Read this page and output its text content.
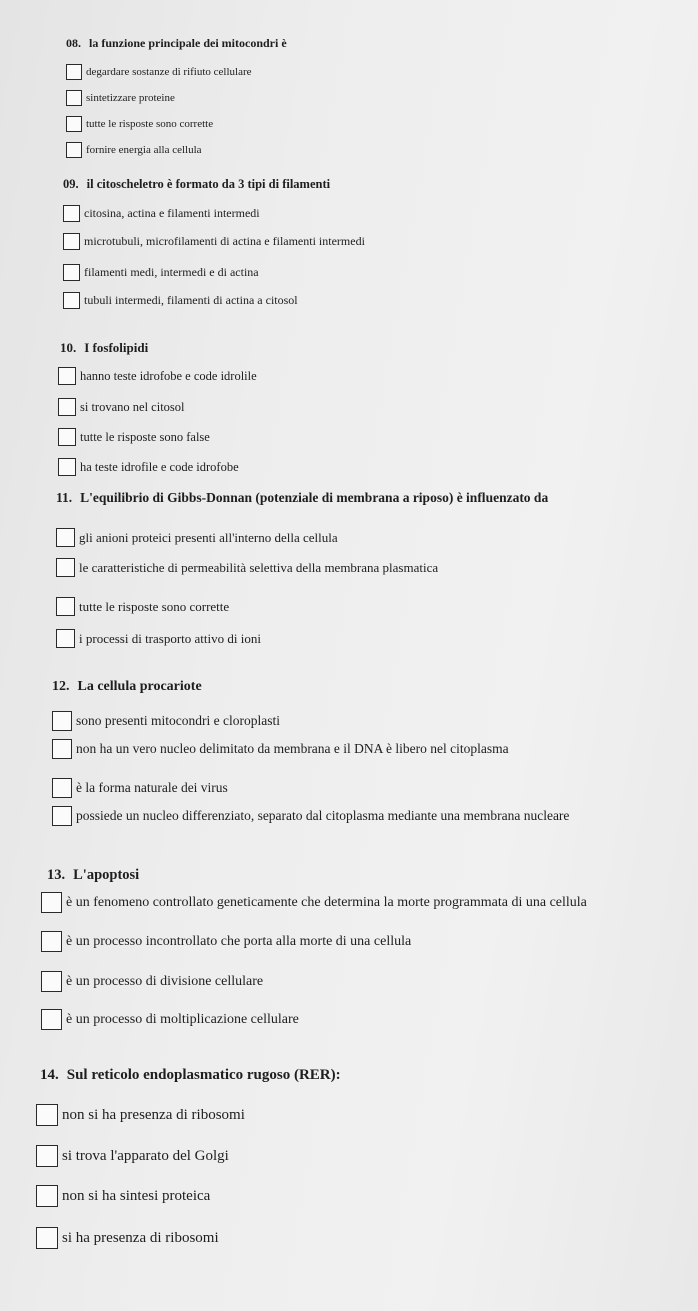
08. la funzione principale dei mitocondri è
degardare sostanze di rifiuto cellulare
sintetizzare proteine
tutte le risposte sono corrette
fornire energia alla cellula
09. il citoscheletro è formato da 3 tipi di filamenti
citosina, actina e filamenti intermedi
microtubuli, microfilamenti di actina e filamenti intermedi
filamenti medi, intermedi e di actina
tubuli intermedi, filamenti di actina a citosol
10. I fosfolipidi
hanno teste idrofobe e code idrolile
si trovano nel citosol
tutte le risposte sono false
ha teste idrofile e code idrofobe
11. L'equilibrio di Gibbs-Donnan (potenziale di membrana a riposo) è influenzato da
gli anioni proteici presenti all'interno della cellula
le caratteristiche di permeabilità selettiva della membrana plasmatica
tutte le risposte sono corrette
i processi di trasporto attivo di ioni
12. La cellula procariote
sono presenti mitocondri e cloroplasti
non ha un vero nucleo delimitato da membrana e il DNA è libero nel citoplasma
è la forma naturale dei virus
possiede un nucleo differenziato, separato dal citoplasma mediante una membrana nucleare
13. L'apoptosi
è un fenomeno controllato geneticamente che determina la morte programmata di una cellula
è un processo incontrollato che porta alla morte di una cellula
è un processo di divisione cellulare
è un processo di moltiplicazione cellulare
14. Sul reticolo endoplasmatico rugoso (RER):
non si ha presenza di ribosomi
si trova l'apparato del Golgi
non si ha sintesi proteica
si ha presenza di ribosomi
